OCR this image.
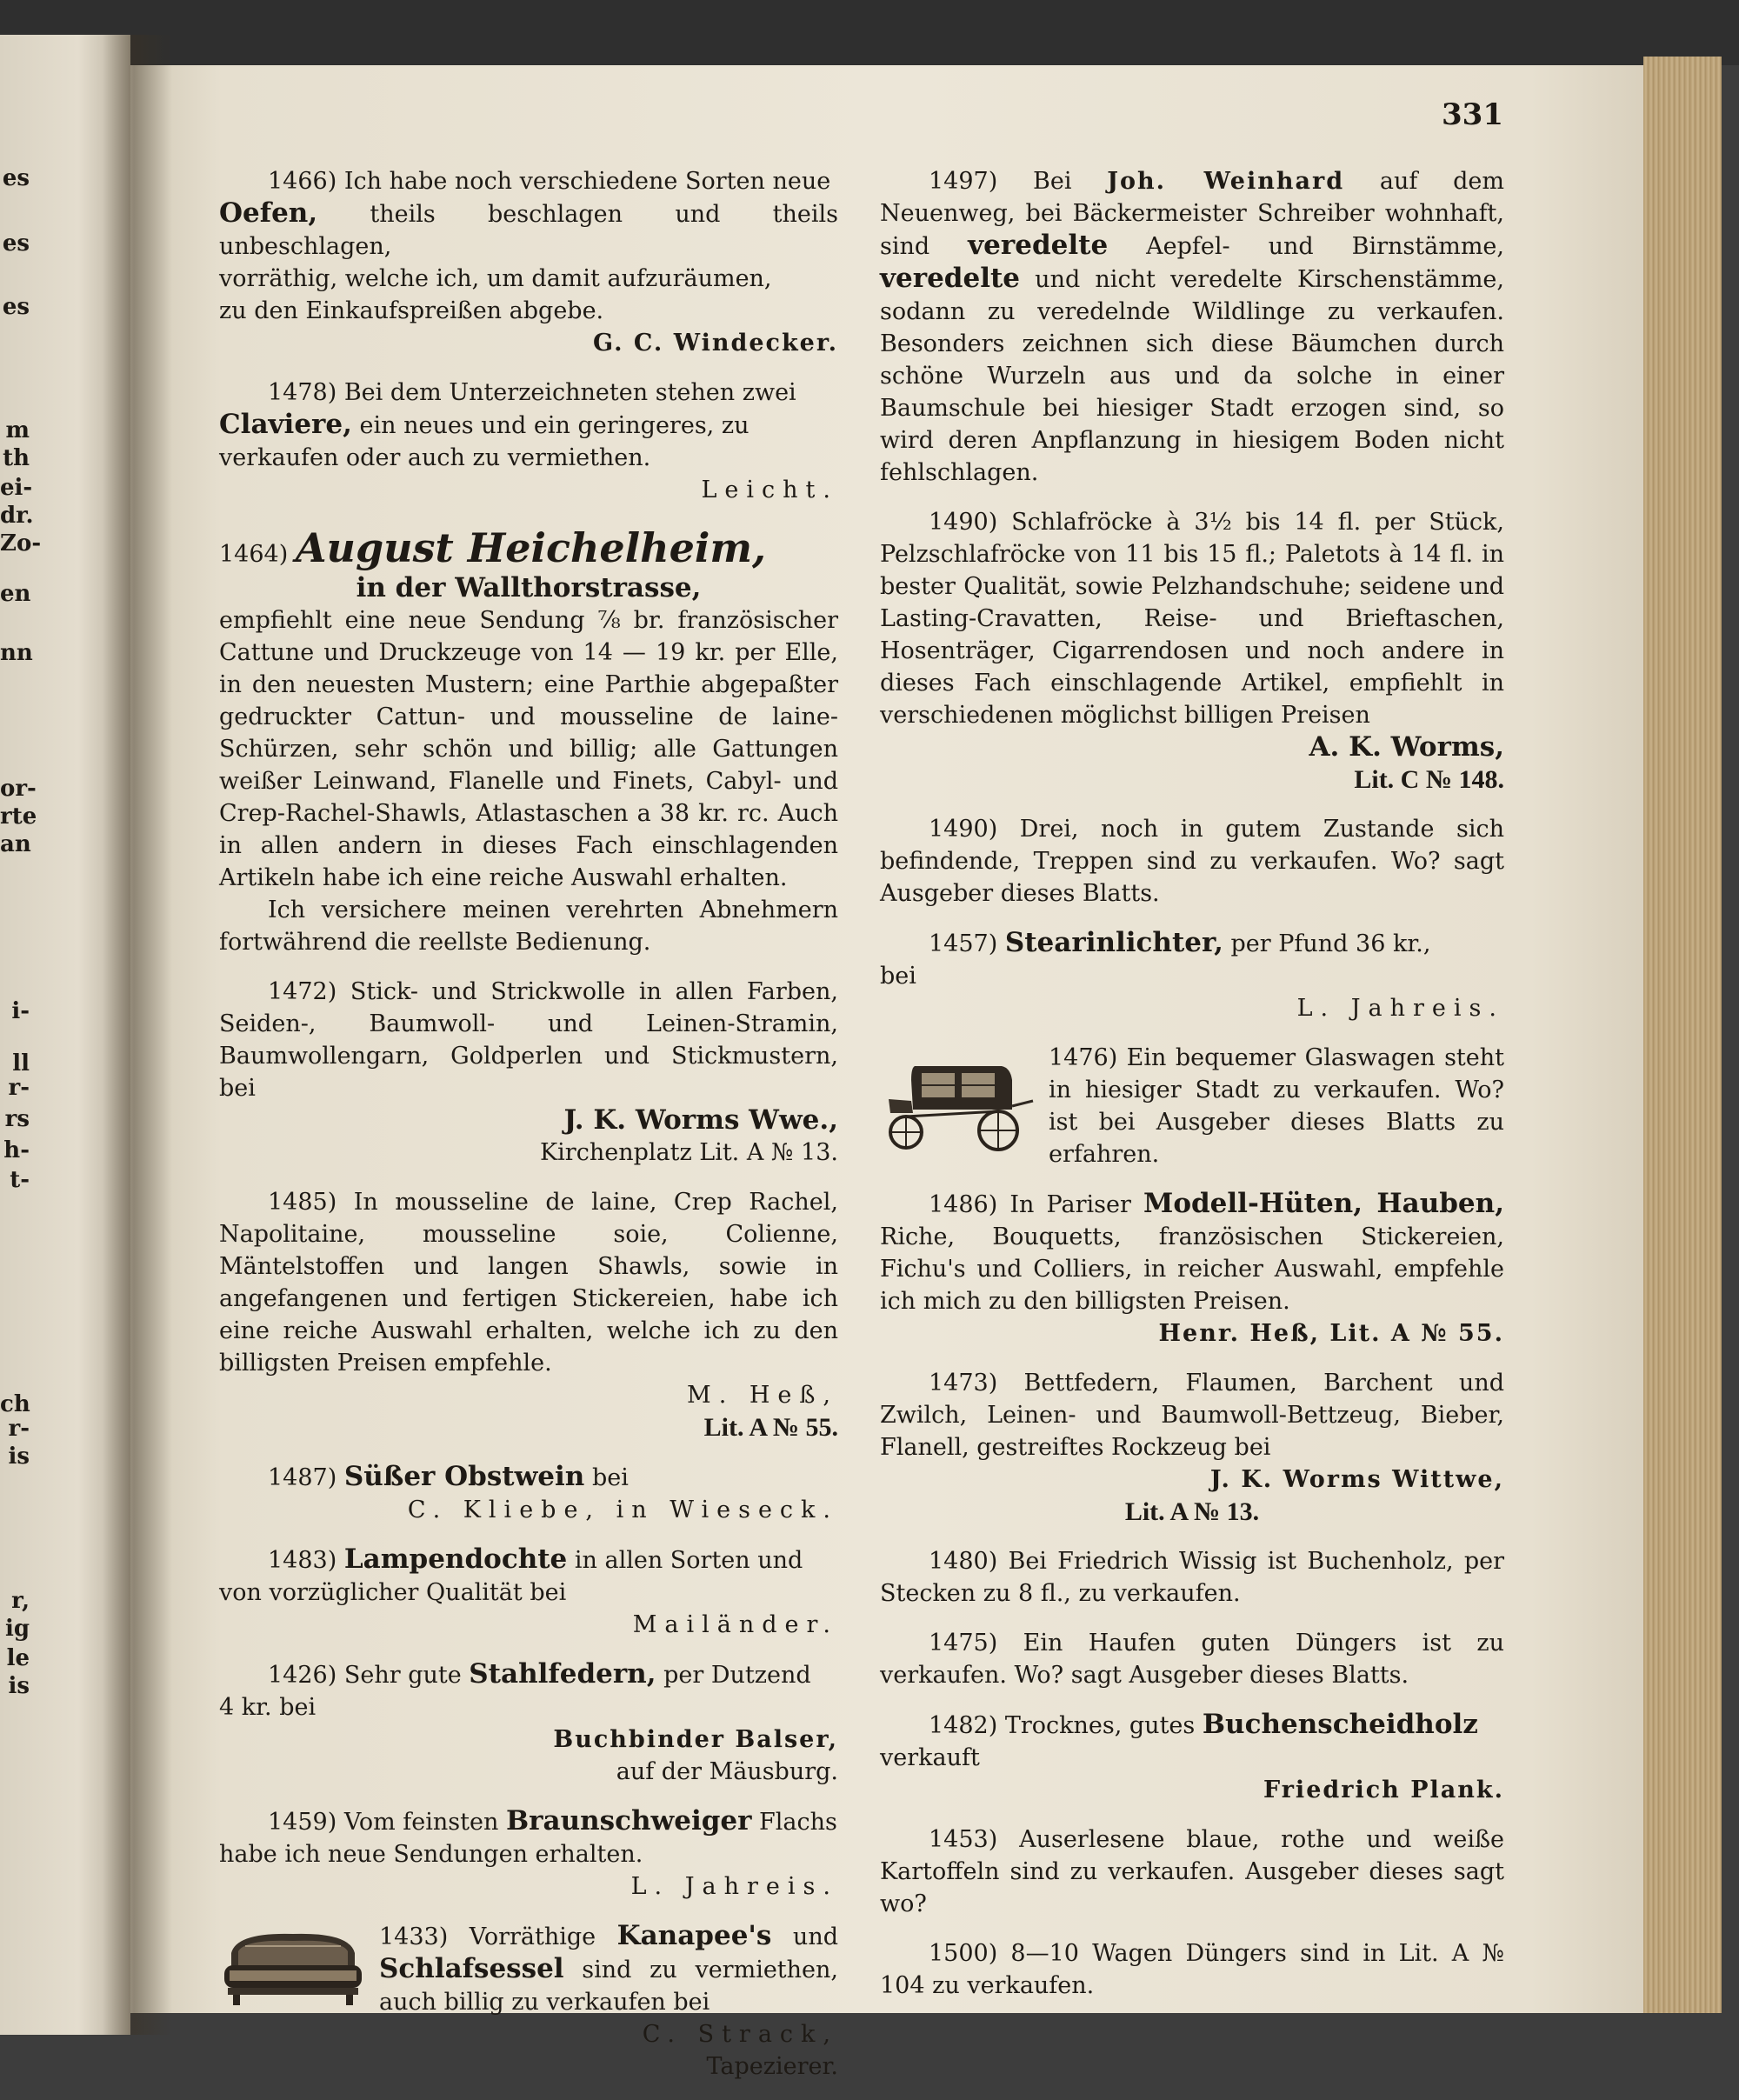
es
es
es
m
th
ei-
dr.
Zo-
en
nn
or-
rte
an
i-
ll
r-
rs
h-
t-
ch
r-
is
r,
ig
le
is
331

1466) Ich habe noch verschiedene Sorten neue

Oefen, theils beschlagen und theils unbeschlagen,

vorräthig, welche ich, um damit aufzuräumen,

zu den Einkaufspreißen abgebe.

G. C. Windecker.

1478) Bei dem Unterzeichneten stehen zwei

Claviere, ein neues und ein geringeres, zu

verkaufen oder auch zu vermiethen.

Leicht.

1464) August Heichelheim,

in der Wallthorstrasse,

empfiehlt eine neue Sendung ⅞ br. französischer Cattune und Druckzeuge von 14 — 19 kr. per Elle, in den neuesten Mustern; eine Parthie abgepaßter gedruckter Cattun- und mousseline de laine-Schürzen, sehr schön und billig; alle Gattungen weißer Leinwand, Flanelle und Finets, Cabyl- und Crep-Rachel-Shawls, Atlastaschen a 38 kr. rc. Auch in allen andern in dieses Fach einschlagenden Artikeln habe ich eine reiche Auswahl erhalten.

Ich versichere meinen verehrten Abnehmern fortwährend die reellste Bedienung.

1472) Stick- und Strickwolle in allen Farben, Seiden-, Baumwoll- und Leinen-Stramin, Baumwollengarn, Goldperlen und Stickmustern, bei

J. K. Worms Wwe.,

Kirchenplatz Lit. A № 13.

1485) In mousseline de laine, Crep Rachel, Napolitaine, mousseline soie, Colienne, Mäntelstoffen und langen Shawls, sowie in angefangenen und fertigen Stickereien, habe ich eine reiche Auswahl erhalten, welche ich zu den billigsten Preisen empfehle.

M. Heß,

Lit. A № 55.

1487) Süßer Obstwein bei

C. Kliebe, in Wieseck.

1483) Lampendochte in allen Sorten und

von vorzüglicher Qualität bei

Mailänder.

1426) Sehr gute Stahlfedern, per Dutzend

4 kr. bei

Buchbinder Balser,

auf der Mäusburg.

1459) Vom feinsten Braunschweiger Flachs

habe ich neue Sendungen erhalten.

L. Jahreis.

1433) Vorräthige Kanapee's und Schlafsessel sind zu vermiethen, auch billig zu verkaufen bei

C. Strack,

Tapezierer.

1497) Bei Joh. Weinhard auf dem Neuenweg, bei Bäckermeister Schreiber wohnhaft, sind veredelte Aepfel- und Birnstämme, veredelte und nicht veredelte Kirschenstämme, sodann zu veredelnde Wildlinge zu verkaufen. Besonders zeichnen sich diese Bäumchen durch schöne Wurzeln aus und da solche in einer Baumschule bei hiesiger Stadt erzogen sind, so wird deren Anpflanzung in hiesigem Boden nicht fehlschlagen.

1490) Schlafröcke à 3½ bis 14 fl. per Stück, Pelzschlafröcke von 11 bis 15 fl.; Paletots à 14 fl. in bester Qualität, sowie Pelzhandschuhe; seidene und Lasting-Cravatten, Reise- und Brieftaschen, Hosenträger, Cigarrendosen und noch andere in dieses Fach einschlagende Artikel, empfiehlt in verschiedenen möglichst billigen Preisen

A. K. Worms,

Lit. C № 148.

1490) Drei, noch in gutem Zustande sich befindende, Treppen sind zu verkaufen. Wo? sagt Ausgeber dieses Blatts.

1457) Stearinlichter, per Pfund 36 kr.,

bei

L. Jahreis.

1476) Ein bequemer Glaswagen steht in hiesiger Stadt zu verkaufen. Wo? ist bei Ausgeber dieses Blatts zu erfahren.

1486) In Pariser Modell-Hüten, Hauben, Riche, Bouquetts, französischen Stickereien, Fichu's und Colliers, in reicher Auswahl, empfehle ich mich zu den billigsten Preisen.

Henr. Heß, Lit. A № 55.

1473) Bettfedern, Flaumen, Barchent und Zwilch, Leinen- und Baumwoll-Bettzeug, Bieber, Flanell, gestreiftes Rockzeug bei

J. K. Worms Wittwe,

Lit. A № 13.

1480) Bei Friedrich Wissig ist Buchenholz, per Stecken zu 8 fl., zu verkaufen.

1475) Ein Haufen guten Düngers ist zu verkaufen. Wo? sagt Ausgeber dieses Blatts.

1482) Trocknes, gutes Buchenscheidholz

verkauft

Friedrich Plank.

1453) Auserlesene blaue, rothe und weiße Kartoffeln sind zu verkaufen. Ausgeber dieses sagt wo?

1500) 8—10 Wagen Düngers sind in Lit. A № 104 zu verkaufen.
